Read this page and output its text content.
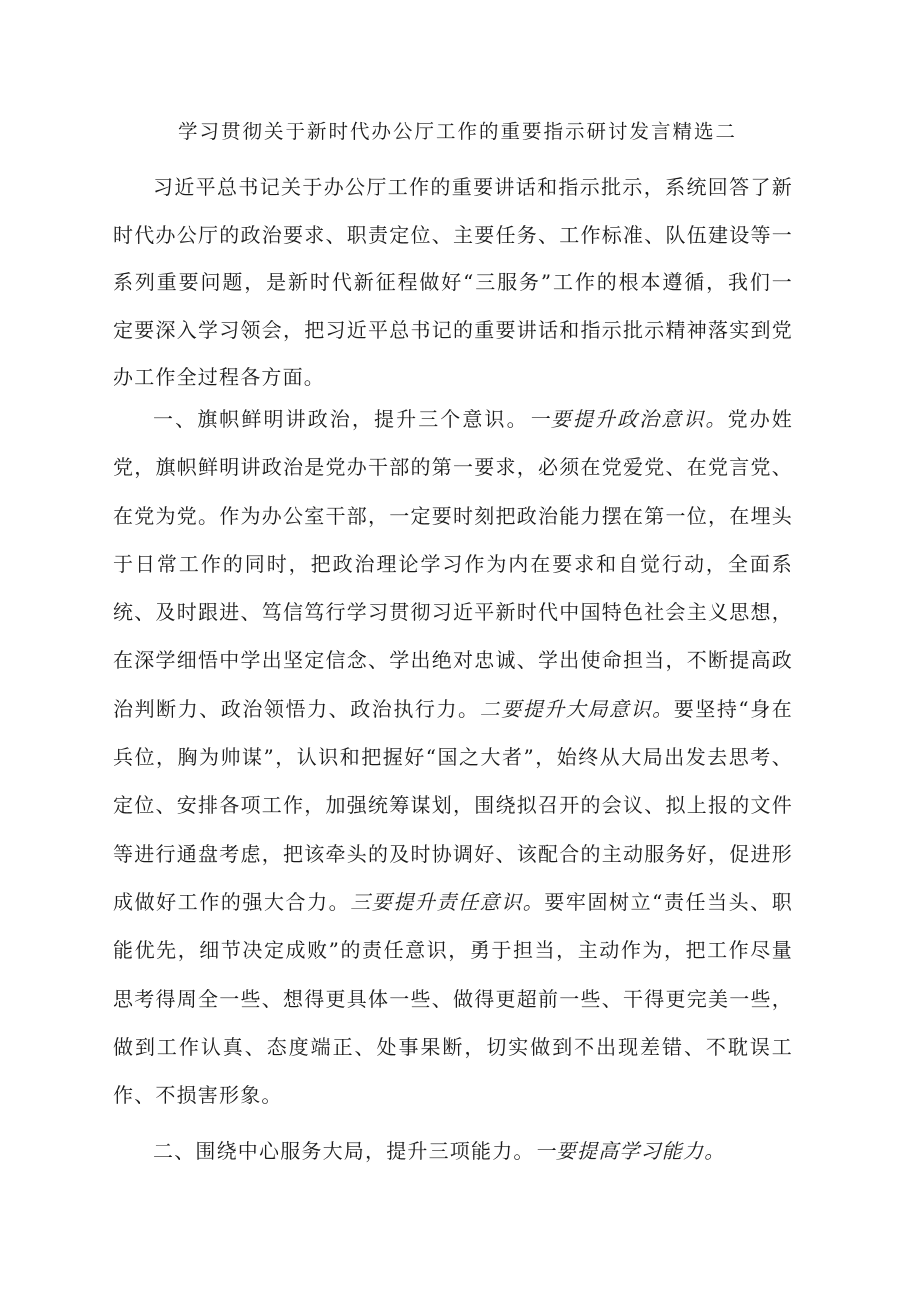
学习贯彻关于新时代办公厅工作的重要指示研讨发言精选二

习近平总书记关于办公厅工作的重要讲话和指示批示，系统回答了新时代办公厅的政治要求、职责定位、主要任务、工作标准、队伍建设等一系列重要问题，是新时代新征程做好“三服务”工作的根本遵循，我们一定要深入学习领会，把习近平总书记的重要讲话和指示批示精神落实到党办工作全过程各方面。

一、旗帜鲜明讲政治，提升三个意识。一要提升政治意识。党办姓党，旗帜鲜明讲政治是党办干部的第一要求，必须在党爱党、在党言党、在党为党。作为办公室干部，一定要时刻把政治能力摆在第一位，在埋头于日常工作的同时，把政治理论学习作为内在要求和自觉行动，全面系统、及时跟进、笃信笃行学习贯彻习近平新时代中国特色社会主义思想，在深学细悟中学出坚定信念、学出绝对忠诚、学出使命担当，不断提高政治判断力、政治领悟力、政治执行力。二要提升大局意识。要坚持“身在兵位，胸为帅谋”，认识和把握好“国之大者”，始终从大局出发去思考、定位、安排各项工作，加强统筹谋划，围绕拟召开的会议、拟上报的文件等进行通盘考虑，把该牵头的及时协调好、该配合的主动服务好，促进形成做好工作的强大合力。三要提升责任意识。要牢固树立“责任当头、职能优先，细节决定成败”的责任意识，勇于担当，主动作为，把工作尽量思考得周全一些、想得更具体一些、做得更超前一些、干得更完美一些，做到工作认真、态度端正、处事果断，切实做到不出现差错、不耽误工作、不损害形象。

二、围绕中心服务大局，提升三项能力。一要提高学习能力。
